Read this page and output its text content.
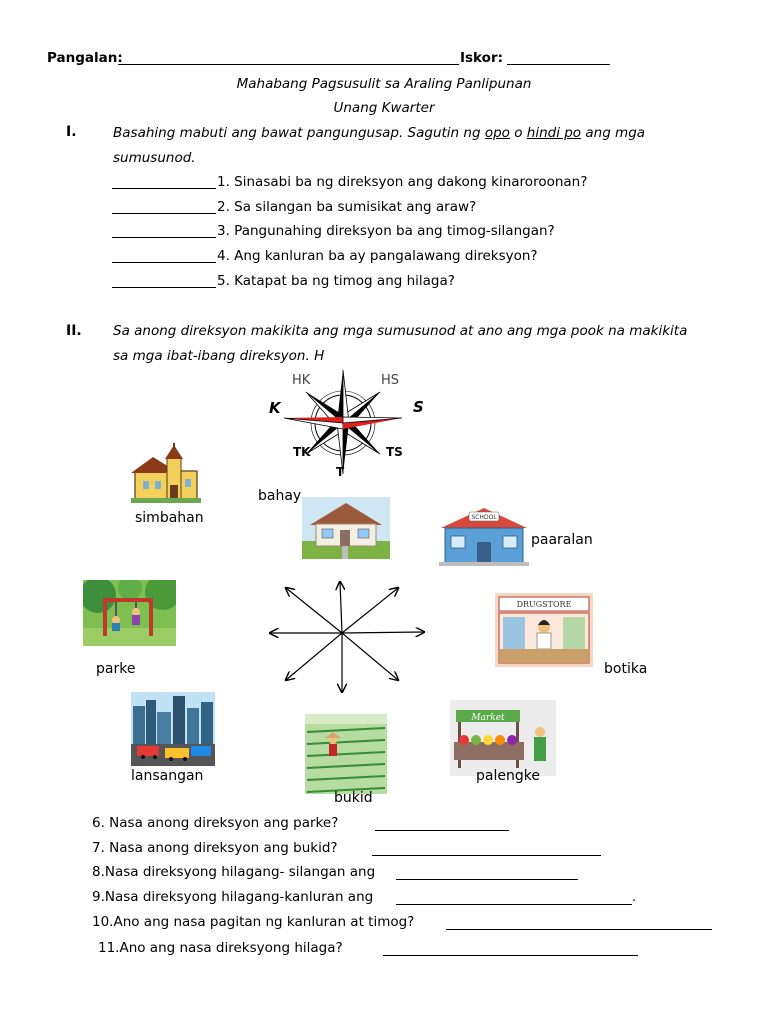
Pangalan:	Iskor:
Mahabang Pagsusulit sa Araling Panlipunan
Unang Kwarter
I.	Basahing mabuti ang bawat pangungusap. Sagutin ng opo o hindi po ang mga
sumusunod.
1. Sinasabi ba ng direksyon ang dakong kinaroroonan?
2. Sa silangan ba sumisikat ang araw?
3. Pangunahing direksyon ba ang timog-silangan?
4. Ang kanluran ba ay pangalawang direksyon?
5. Katapat ba ng timog ang hilaga?
II. Sa anong direksyon makikita ang mga sumusunod at ano ang mga pook na makikita
sa mga ibat-ibang direksyon. H
HK	HS
K	S
TK	TS
T
SCHOOL
DRUGSTORE
Market
simbahan
bahay
paaralan
parke	botika
lansangan
bukid
palengke
6. Nasa anong direksyon ang parke?
7. Nasa anong direksyon ang bukid?
8.Nasa direksyong hilagang- silangan ang
9.Nasa direksyong hilagang-kanluran ang	.
10.Ano ang nasa pagitan ng kanluran at timog?
11.Ano ang nasa direksyong hilaga?
